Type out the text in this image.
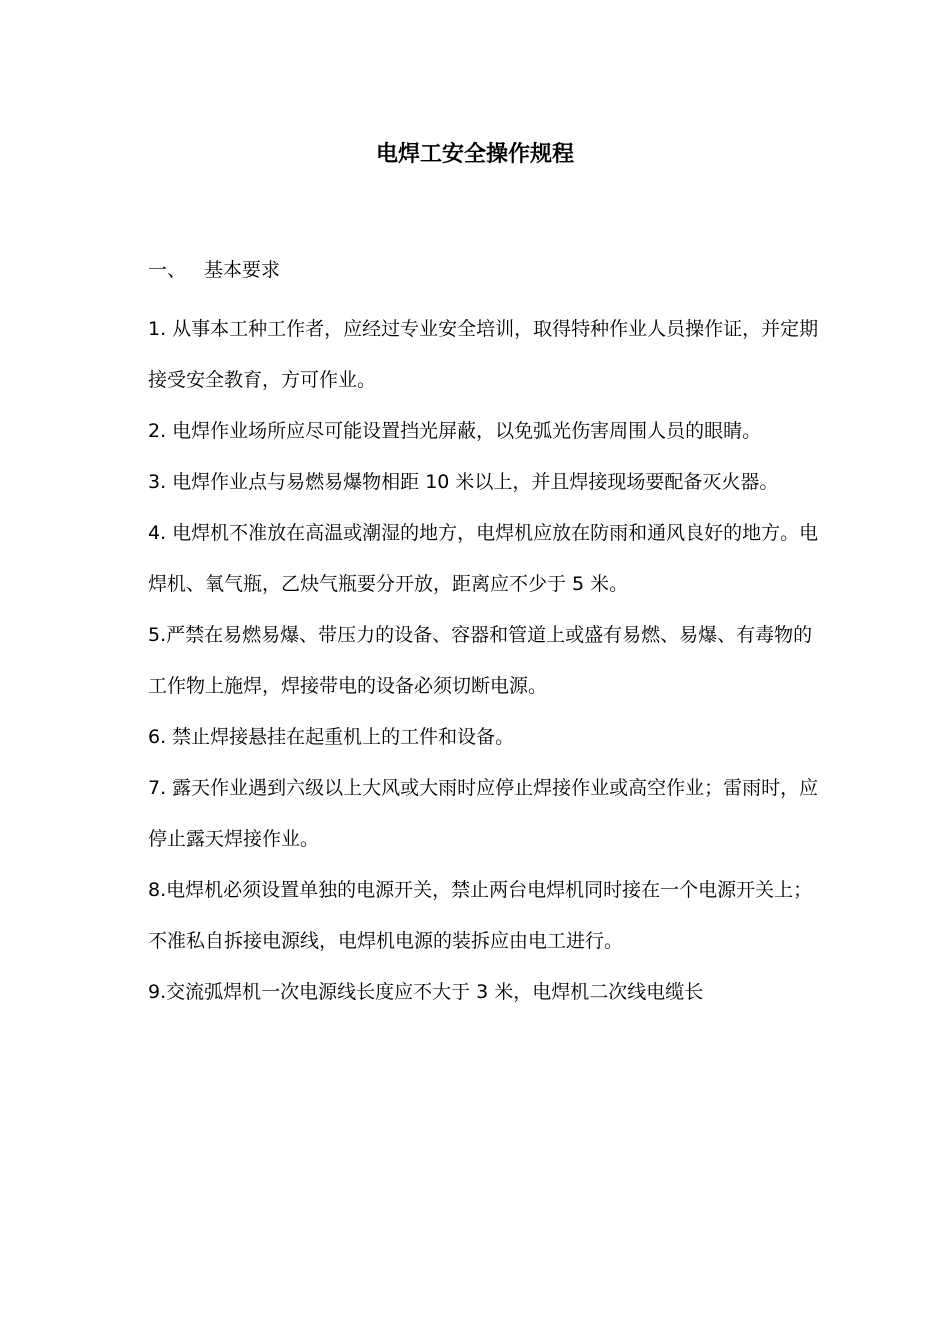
电焊工安全操作规程

一、 基本要求

1. 从事本工种工作者，应经过专业安全培训，取得特种作业人员操作证，并定期接受安全教育，方可作业。

2. 电焊作业场所应尽可能设置挡光屏蔽，以免弧光伤害周围人员的眼睛。

3. 电焊作业点与易燃易爆物相距 10 米以上，并且焊接现场要配备灭火器。

4. 电焊机不准放在高温或潮湿的地方，电焊机应放在防雨和通风良好的地方。电焊机、氧气瓶，乙炔气瓶要分开放，距离应不少于 5 米。

5.严禁在易燃易爆、带压力的设备、容器和管道上或盛有易燃、易爆、有毒物的工作物上施焊，焊接带电的设备必须切断电源。

6. 禁止焊接悬挂在起重机上的工件和设备。

7. 露天作业遇到六级以上大风或大雨时应停止焊接作业或高空作业；雷雨时，应停止露天焊接作业。

8.电焊机必须设置单独的电源开关，禁止两台电焊机同时接在一个电源开关上；不准私自拆接电源线，电焊机电源的装拆应由电工进行。

9.交流弧焊机一次电源线长度应不大于 3 米，电焊机二次线电缆长
